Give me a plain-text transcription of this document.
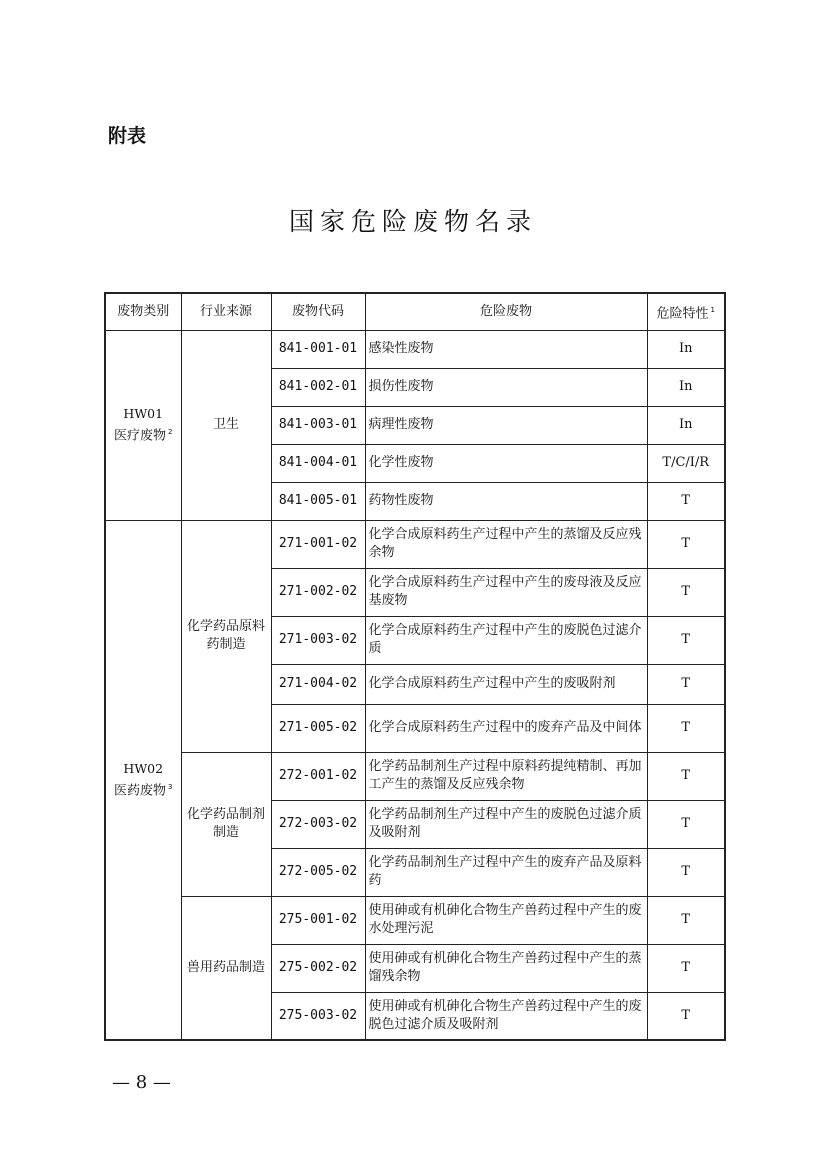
附表
国家危险废物名录
废物类别	行业来源	废物代码	危险废物	危险特性 $^1$

HW01
医疗废物 $^2$	卫生	841-001-01	感染性废物	In
		841-002-01	损伤性废物	In
		841-003-01	病理性废物	In
		841-004-01	化学性废物	T/C/I/R
		841-005-01	药物性废物	T

HW02
医药废物 $^3$	化学药品原料药制造	271-001-02	化学合成原料药生产过程中产生的蒸馏及反应残余物	T
		271-002-02	化学合成原料药生产过程中产生的废母液及反应基废物	T
		271-003-02	化学合成原料药生产过程中产生的废脱色过滤介质	T
		271-004-02	化学合成原料药生产过程中产生的废吸附剂	T
		271-005-02	化学合成原料药生产过程中的废弃产品及中间体	T
	化学药品制剂制造	272-001-02	化学药品制剂生产过程中原料药提纯精制、再加工产生的蒸馏及反应残余物	T
		272-003-02	化学药品制剂生产过程中产生的废脱色过滤介质及吸附剂	T
		272-005-02	化学药品制剂生产过程中产生的废弃产品及原料药	T
	兽用药品制造	275-001-02	使用砷或有机砷化合物生产兽药过程中产生的废水处理污泥	T
		275-002-02	使用砷或有机砷化合物生产兽药过程中产生的蒸馏残余物	T
		275-003-02	使用砷或有机砷化合物生产兽药过程中产生的废脱色过滤介质及吸附剂	T
— 8 —
